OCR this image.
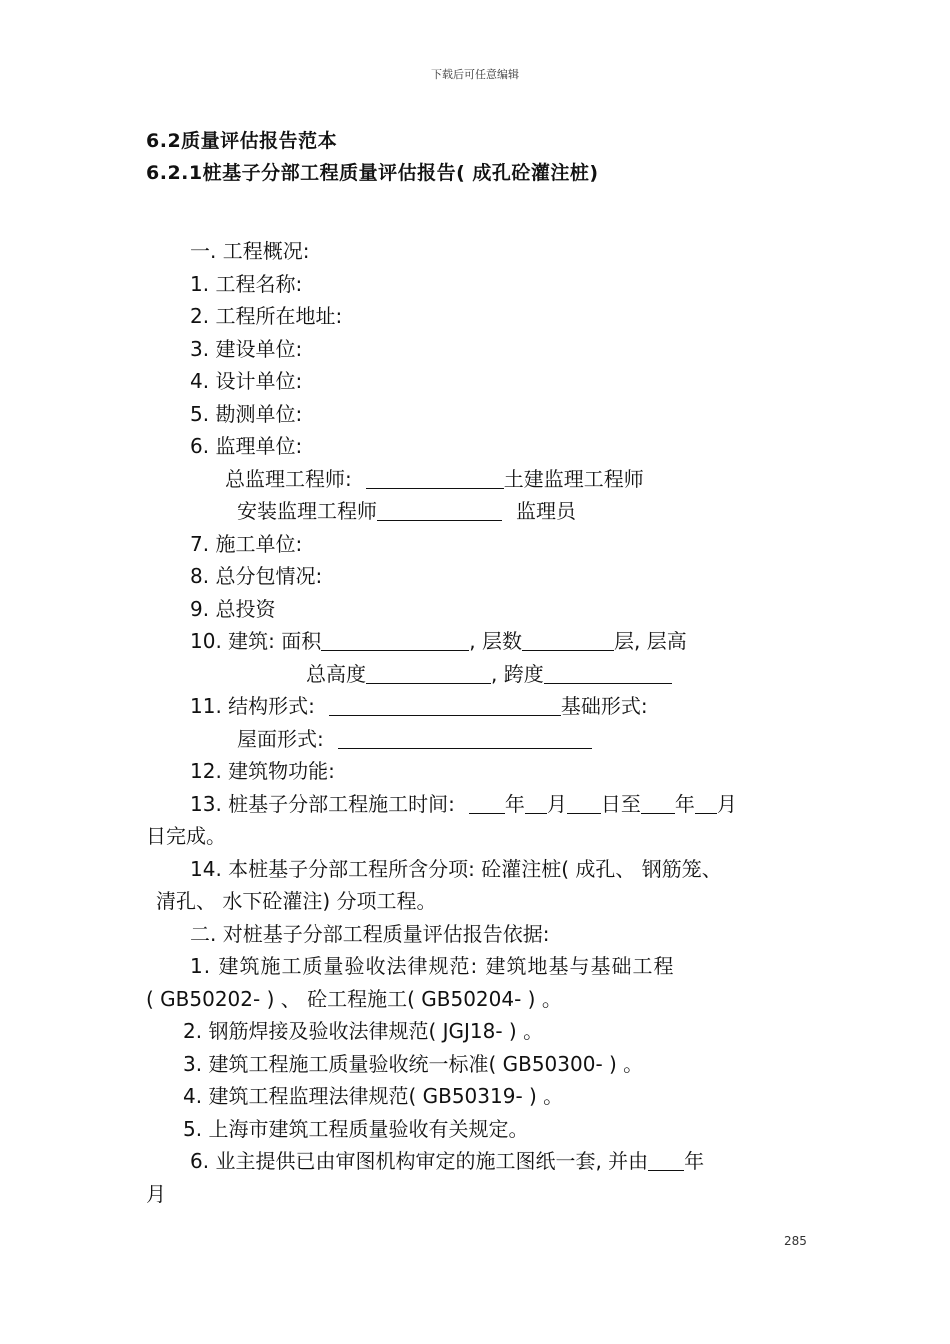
下载后可任意编辑
6.2质量评估报告范本
6.2.1桩基子分部工程质量评估报告( 成孔砼灌注桩)
一. 工程概况:
1. 工程名称:
2. 工程所在地址:
3. 建设单位:
4. 设计单位:
5. 勘测单位:
6. 监理单位:
总监理工程师:	土建监理工程师
安装监理工程师	监理员
7. 施工单位:
8. 总分包情况:
9. 总投资
10. 建筑: 面积	, 层数	层, 层高
总高度	, 跨度
11. 结构形式:	基础形式:
屋面形式:
12. 建筑物功能:
13. 桩基子分部工程施工时间:	年 月 日至 年 月
日完成。
14. 本桩基子分部工程所含分项: 砼灌注桩( 成孔、 钢筋笼、
清孔、 水下砼灌注) 分项工程。
二. 对桩基子分部工程质量评估报告依据:
1. 建筑施工质量验收法律规范: 建筑地基与基础工程
( GB50202- ) 、 砼工程施工( GB50204- ) 。
2. 钢筋焊接及验收法律规范( JGJ18- ) 。
3. 建筑工程施工质量验收统一标准( GB50300- ) 。
4. 建筑工程监理法律规范( GB50319- ) 。
5. 上海市建筑工程质量验收有关规定。
6. 业主提供已由审图机构审定的施工图纸一套, 并由 年
月
285
